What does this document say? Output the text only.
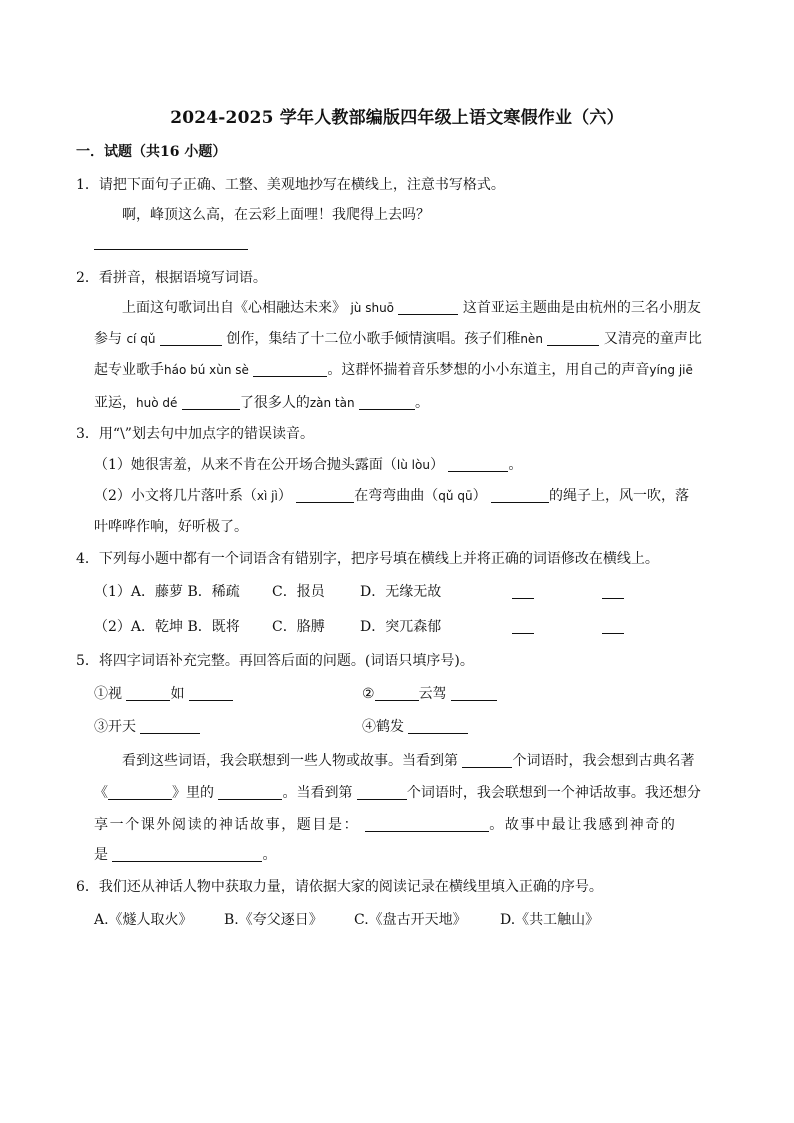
2024-2025 学年人教部编版四年级上语文寒假作业（六）
一．试题（共16 小题）
1．请把下面句子正确、工整、美观地抄写在横线上，注意书写格式。
啊，峰顶这么高，在云彩上面哩！我爬得上去吗？
2．看拼音，根据语境写词语。
上面这句歌词出自《心相融达未来》 jù shuō	这首亚运主题曲是由杭州的三名小朋友
参与 cí qǔ	创作，集结了十二位小歌手倾情演唱。孩子们稚nèn	又清亮的童声比
起专业歌手háo bú xùn sè	。这群怀揣着音乐梦想的小小东道主，用自己的声音yíng jiē
亚运，huò dé	了很多人的zàn tàn	。
3．用“\”划去句中加点字的错误读音。
（1）她很害羞，从来不肯在公开场合抛头露面（lù lòu）	。
（2）小文将几片落叶系（xì jì）	在弯弯曲曲（qǔ qū）	的绳子上，风一吹，落
叶哗哗作响，好听极了。
4．下列每小题中都有一个词语含有错别字，把序号填在横线上并将正确的词语修改在横线上。
（1）A．藤萝 B．稀疏 C．报员	D．无缘无故
（2）A．乾坤 B．既将 C．胳膊	D．突兀森郁
5．将四字词语补充完整。再回答后面的问题。(词语只填序号)。
①视	如	②	云驾
③开天	④鹤发
看到这些词语，我会联想到一些人物或故事。当看到第	个词语时，我会想到古典名著
《	》里的	。当看到第	个词语时，我会联想到一个神话故事。我还想分
享一个课外阅读的神话故事，题目是：	。故事中最让我感到神奇的
是	。
6．我们还从神话人物中获取力量，请依据大家的阅读记录在横线里填入正确的序号。
A.《燧人取火》 B.《夸父逐日》 C.《盘古开天地》 D.《共工触山》
